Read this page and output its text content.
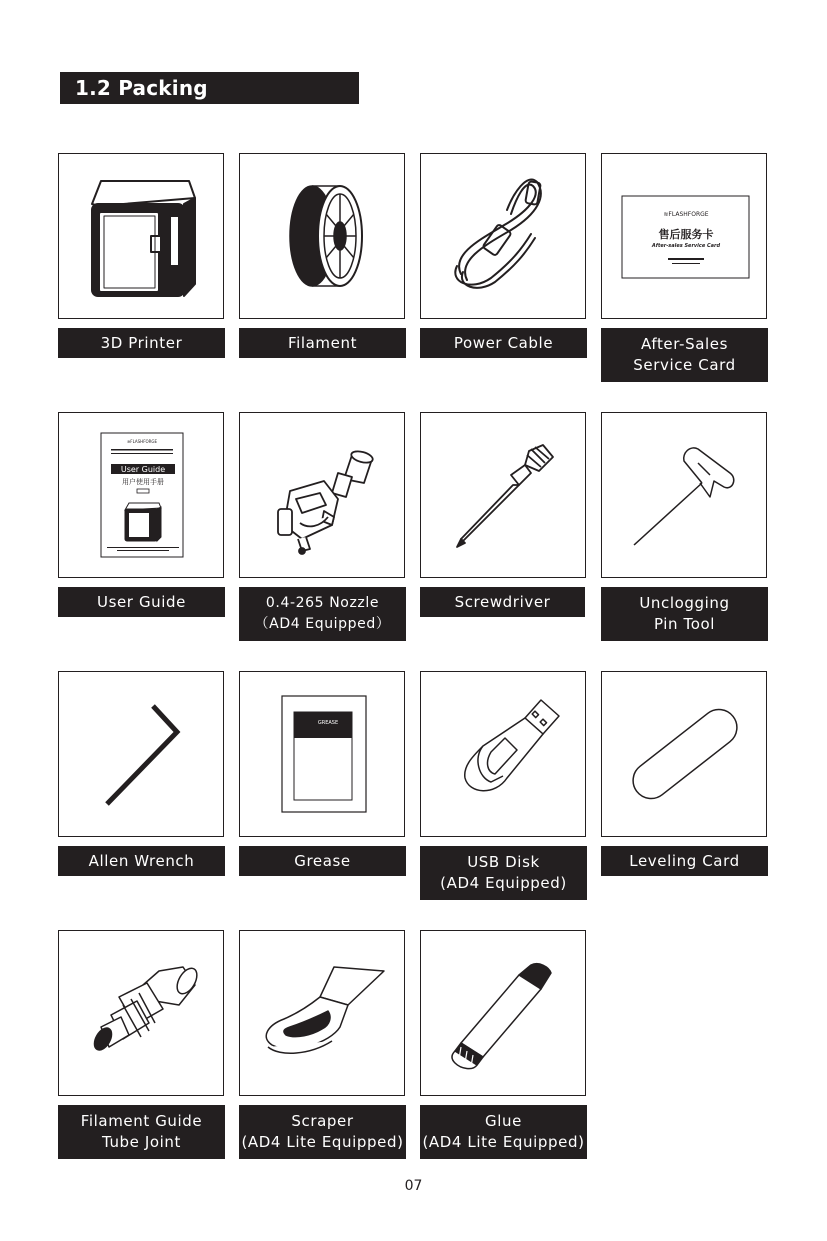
1.2 Packing Specification
3D Printer	Filament	Power Cable
≋FLASHFORGE
售后服务卡
After-sales Service Card
After-Sales
Service Card
≋FLASHFORGE
User Guide
用户使用手册
User Guide	0.4-265 Nozzle
（AD4 Equipped）
Screwdriver	Unclogging
Pin Tool
Allen Wrench
GREASE
Grease	USB Disk
(AD4 Equipped)
Leveling Card
Filament Guide
Tube Joint
Scraper
(AD4 Lite Equipped)
Glue
(AD4 Lite Equipped)
07
